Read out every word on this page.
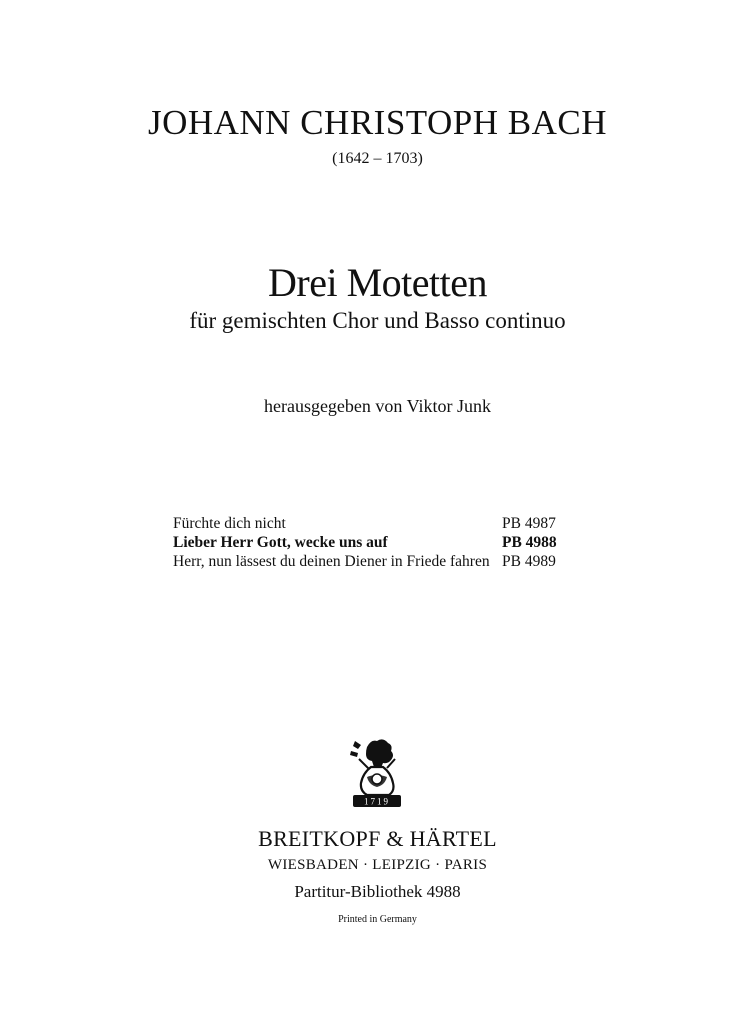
JOHANN CHRISTOPH BACH
(1642 – 1703)
Drei Motetten
für gemischten Chor und Basso continuo
herausgegeben von Viktor Junk
Fürchte dich nicht	PB 4987
Lieber Herr Gott, wecke uns auf	PB 4988
Herr, nun lässest du deinen Diener in Friede fahren PB 4989
1719
BREITKOPF & HÄRTEL
WIESBADEN · LEIPZIG · PARIS
Partitur-Bibliothek 4988
Printed in Germany
